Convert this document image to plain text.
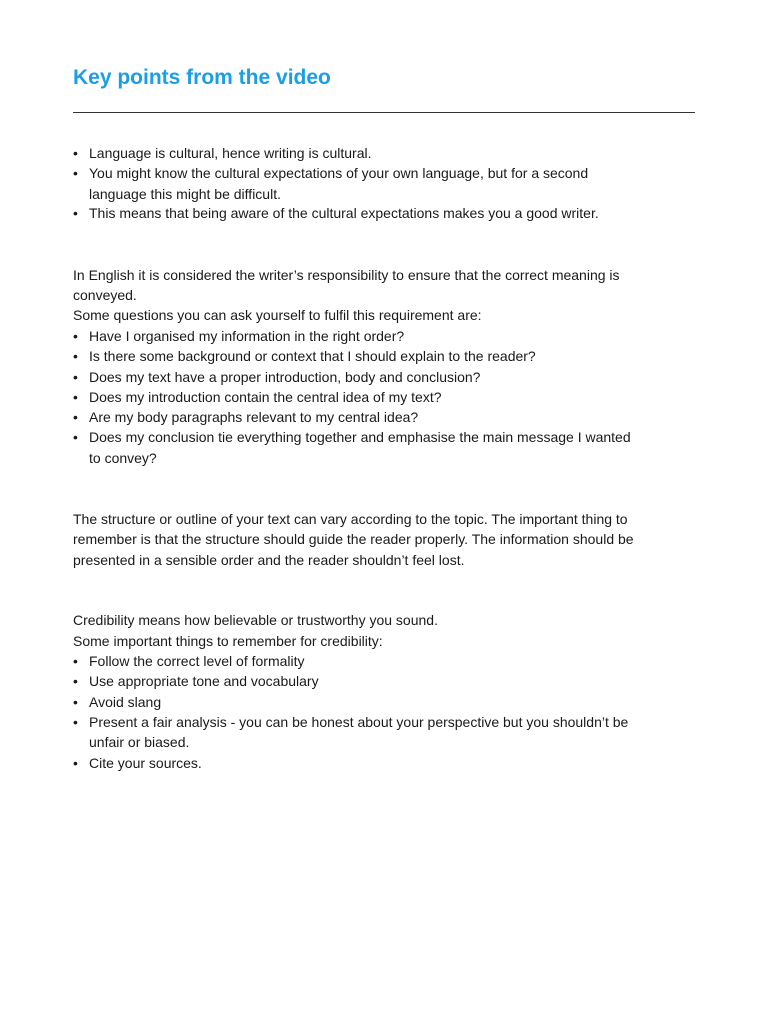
Key points from the video
• Language is cultural, hence writing is cultural.
• You might know the cultural expectations of your own language, but for a second
language this might be difficult.
• This means that being aware of the cultural expectations makes you a good writer.
In English it is considered the writer’s responsibility to ensure that the correct meaning is
conveyed.
Some questions you can ask yourself to fulfil this requirement are:
• Have I organised my information in the right order?
• Is there some background or context that I should explain to the reader?
• Does my text have a proper introduction, body and conclusion?
• Does my introduction contain the central idea of my text?
• Are my body paragraphs relevant to my central idea?
• Does my conclusion tie everything together and emphasise the main message I wanted
to convey?
The structure or outline of your text can vary according to the topic. The important thing to
remember is that the structure should guide the reader properly. The information should be
presented in a sensible order and the reader shouldn’t feel lost.
Credibility means how believable or trustworthy you sound.
Some important things to remember for credibility:
• Follow the correct level of formality
• Use appropriate tone and vocabulary
• Avoid slang
• Present a fair analysis - you can be honest about your perspective but you shouldn’t be
unfair or biased.
• Cite your sources.
